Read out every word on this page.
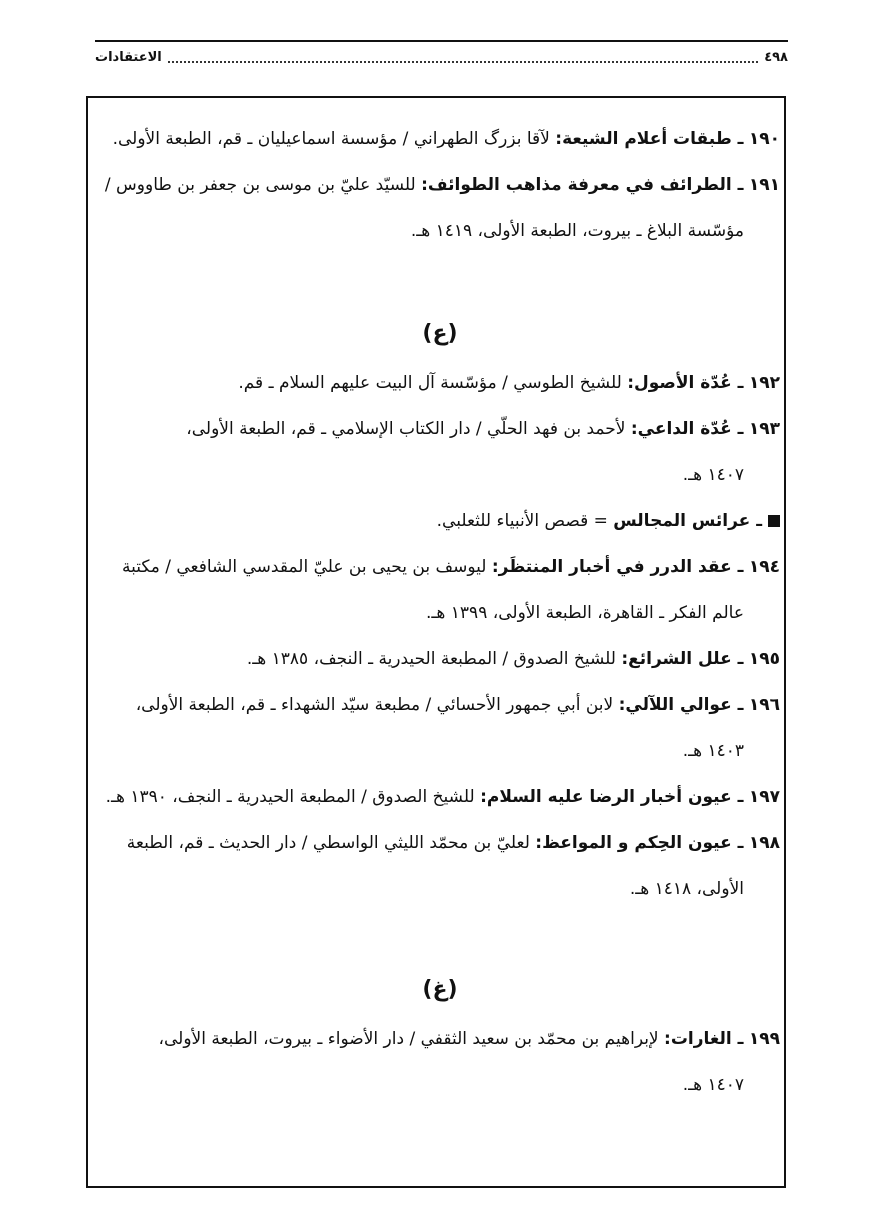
٤٩٨
الاعتقادات
١٩٠ ـ طبقات أعلام الشيعة: لآقا بزرگ الطهراني / مؤسسة اسماعيليان ـ قم، الطبعة الأولى.
١٩١ ـ الطرائف في معرفة مذاهب الطوائف: للسيّد عليّ بن موسى بن جعفر بن طاووس /
مؤسّسة البلاغ ـ بيروت، الطبعة الأولى، ١٤١٩ هـ.
(ع)
١٩٢ ـ عُدّة الأصول: للشيخ الطوسي / مؤسّسة آل البيت عليهم السلام ـ قم.
١٩٣ ـ عُدّة الداعي: لأحمد بن فهد الحلّي / دار الكتاب الإسلامي ـ قم، الطبعة الأولى،
١٤٠٧ هـ.
ـ عرائس المجالس = قصص الأنبياء للثعلبي.
١٩٤ ـ عقد الدرر في أخبار المنتظَر: ليوسف بن يحيى بن عليّ المقدسي الشافعي / مكتبة
عالم الفكر ـ القاهرة، الطبعة الأولى، ١٣٩٩ هـ.
١٩٥ ـ علل الشرائع: للشيخ الصدوق / المطبعة الحيدرية ـ النجف، ١٣٨٥ هـ.
١٩٦ ـ عوالي اللآلي: لابن أبي جمهور الأحسائي / مطبعة سيّد الشهداء ـ قم، الطبعة الأولى،
١٤٠٣ هـ.
١٩٧ ـ عيون أخبار الرضا عليه السلام: للشيخ الصدوق / المطبعة الحيدرية ـ النجف، ١٣٩٠ هـ.
١٩٨ ـ عيون الحِكم و المواعظ: لعليّ بن محمّد الليثي الواسطي / دار الحديث ـ قم، الطبعة
الأولى، ١٤١٨ هـ.
(غ)
١٩٩ ـ الغارات: لإبراهيم بن محمّد بن سعيد الثقفي / دار الأضواء ـ بيروت، الطبعة الأولى،
١٤٠٧ هـ.
